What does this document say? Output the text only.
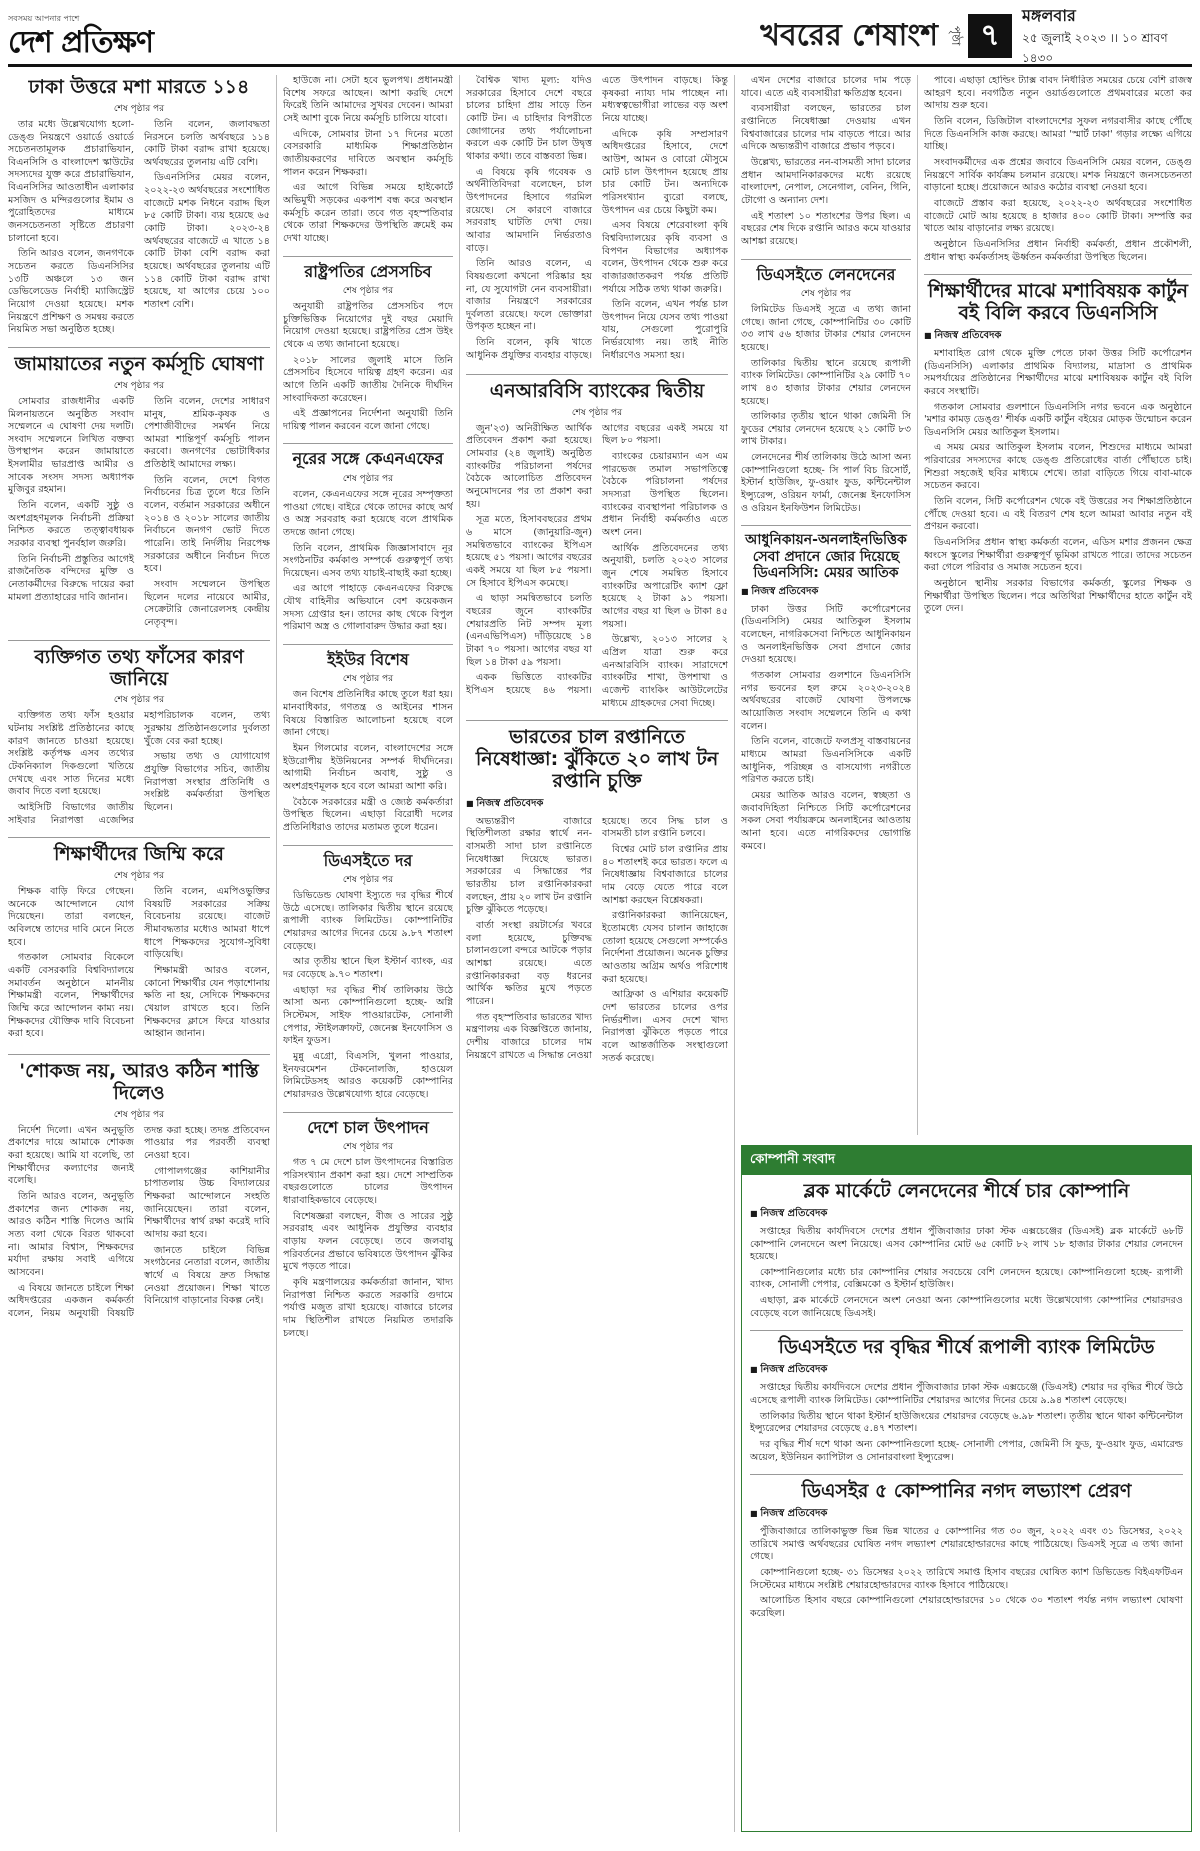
সবসময় আপনার পাশে
দেশ প্রতিক্ষণ	খবরের শেষাংশ পৃষ্ঠা ৭
মঙ্গলবার
২৫ জুলাই ২০২৩ ।। ১০ শ্রাবণ ১৪৩০
ঢাকা উত্তরে মশা মারতে ১১৪
শেষ পৃষ্ঠার পর

তার মধ্যে উল্লেখযোগ্য হলো-ডেঙ্গু নিয়ন্ত্রণে ওয়ার্ডে ওয়ার্ডে সচেতনতামূলক প্রচারাভিযান, বিএনসিসি ও বাংলাদেশ স্কাউটের সদস্যদের যুক্ত করে প্রচারাভিযান, বিএনসিসির আওতাধীন এলাকার মসজিদ ও মন্দিরগুলোর ইমাম ও পুরোহিতদের মাধ্যমে জনসচেতনতা সৃষ্টিতে প্রচারণা চালানো হবে।

তিনি আরও বলেন, জনগণকে সচেতন করতে ডিএনসিসির ১৩টি অঞ্চলে ১৩ জন ডেভিলেডেড নির্বাহী ম্যাজিস্ট্রেট নিয়োগ দেওয়া হয়েছে। মশক নিয়ন্ত্রণে প্রশিক্ষণ ও সমন্বয় করতে নিয়মিত সভা অনুষ্ঠিত হচ্ছে।

তিনি বলেন, জলাবদ্ধতা নিরসনে চলতি অর্থবছরে ১১৪ কোটি টাকা বরাদ্দ রাখা হয়েছে। অর্থবছরের তুলনায় এটি বেশি।

ডিএনসিসির মেয়র বলেন, ২০২২-২৩ অর্থবছরের সংশোধিত বাজেটে মশক নিধনে বরাদ্দ ছিল ৮৫ কোটি টাকা। ব্যয় হয়েছে ৬৫ কোটি টাকা। ২০২৩-২৪ অর্থবছরের বাজেটে এ খাতে ১৪ কোটি টাকা বেশি বরাদ্দ করা হয়েছে। অর্থবছরের তুলনায় এটি ১১৪ কোটি টাকা বরাদ্দ রাখা হয়েছে, যা আগের চেয়ে ১০০ শতাংশ বেশি।

জামায়াতের নতুন কর্মসূচি ঘোষণা
শেষ পৃষ্ঠার পর

সোমবার রাজধানীর একটি মিলনায়তনে অনুষ্ঠিত সংবাদ সম্মেলনে এ ঘোষণা দেয় দলটি। সংবাদ সম্মেলনে লিখিত বক্তব্য উপস্থাপন করেন জামায়াতে ইসলামীর ভারপ্রাপ্ত আমীর ও সাবেক সংসদ সদস্য অধ্যাপক মুজিবুর রহমান।

তিনি বলেন, একটি সুষ্ঠু ও অংশগ্রহণমূলক নির্বাচনী প্রক্রিয়া নিশ্চিত করতে তত্ত্বাবধায়ক সরকার ব্যবস্থা পুনর্বহাল জরুরি।

তিনি নির্বাচনী প্রস্তুতির আগেই রাজনৈতিক বন্দিদের মুক্তি ও নেতাকর্মীদের বিরুদ্ধে দায়ের করা মামলা প্রত্যাহারের দাবি জানান।

তিনি বলেন, দেশের সাধারণ মানুষ, শ্রমিক-কৃষক ও পেশাজীবীদের সমর্থন নিয়ে আমরা শান্তিপূর্ণ কর্মসূচি পালন করবো। জনগণের ভোটাধিকার প্রতিষ্ঠাই আমাদের লক্ষ্য।

তিনি বলেন, দেশে বিগত নির্বাচনের চিত্র তুলে ধরে তিনি বলেন, বর্তমান সরকারের অধীনে ২০১৪ ও ২০১৮ সালের জাতীয় নির্বাচনে জনগণ ভোট দিতে পারেনি। তাই নির্দলীয় নিরপেক্ষ সরকারের অধীনে নির্বাচন দিতে হবে।

সংবাদ সম্মেলনে উপস্থিত ছিলেন দলের নায়েবে আমীর, সেক্রেটারি জেনারেলসহ কেন্দ্রীয় নেতৃবৃন্দ।

ব্যক্তিগত তথ্য ফাঁসের কারণ জানিয়ে
শেষ পৃষ্ঠার পর

ব্যক্তিগত তথ্য ফাঁস হওয়ার ঘটনায় সংশ্লিষ্ট প্রতিষ্ঠানের কাছে কারণ জানতে চাওয়া হয়েছে। সংশ্লিষ্ট কর্তৃপক্ষ এসব তথ্যের টেকনিক্যাল দিকগুলো খতিয়ে দেখছে এবং সাত দিনের মধ্যে জবাব দিতে বলা হয়েছে।

আইসিটি বিভাগের জাতীয় সাইবার নিরাপত্তা এজেন্সির মহাপরিচালক বলেন, তথ্য সুরক্ষায় প্রতিষ্ঠানগুলোর দুর্বলতা খুঁজে বের করা হচ্ছে।

সভায় তথ্য ও যোগাযোগ প্রযুক্তি বিভাগের সচিব, জাতীয় নিরাপত্তা সংস্থার প্রতিনিধি ও সংশ্লিষ্ট কর্মকর্তারা উপস্থিত ছিলেন।

শিক্ষার্থীদের জিম্মি করে
শেষ পৃষ্ঠার পর

শিক্ষক বাড়ি ফিরে গেছেন। অনেকে আন্দোলনে যোগ দিয়েছেন। তারা বলছেন, অবিলম্বে তাদের দাবি মেনে নিতে হবে।

গতকাল সোমবার বিকেলে একটি বেসরকারি বিশ্ববিদ্যালয়ে সমাবর্তন অনুষ্ঠানে মাননীয় শিক্ষামন্ত্রী বলেন, শিক্ষার্থীদের জিম্মি করে আন্দোলন কাম্য নয়। শিক্ষকদের যৌক্তিক দাবি বিবেচনা করা হবে।

তিনি বলেন, এমপিওভুক্তির বিষয়টি সরকারের সক্রিয় বিবেচনায় রয়েছে। বাজেট সীমাবদ্ধতার মধ্যেও আমরা ধাপে ধাপে শিক্ষকদের সুযোগ-সুবিধা বাড়িয়েছি।

শিক্ষামন্ত্রী আরও বলেন, কোনো শিক্ষার্থীর যেন পড়াশোনায় ক্ষতি না হয়, সেদিকে শিক্ষকদের খেয়াল রাখতে হবে। তিনি শিক্ষকদের ক্লাসে ফিরে যাওয়ার আহ্বান জানান।

'শোকজ নয়, আরও কঠিন শাস্তি দিলেও
শেষ পৃষ্ঠার পর

নির্দেশ দিলো। এখন অনুভূতি প্রকাশের দায়ে আমাকে শোকজ করা হয়েছে। আমি যা বলেছি, তা শিক্ষার্থীদের কল্যাণের জন্যই বলেছি।

তিনি আরও বলেন, অনুভূতি প্রকাশের জন্য শোকজ নয়, আরও কঠিন শাস্তি দিলেও আমি সত্য বলা থেকে বিরত থাকবো না। আমার বিশ্বাস, শিক্ষকদের মর্যাদা রক্ষায় সবাই এগিয়ে আসবেন।

এ বিষয়ে জানতে চাইলে শিক্ষা অধিদপ্তরের একজন কর্মকর্তা বলেন, নিয়ম অনুযায়ী বিষয়টি তদন্ত করা হচ্ছে। তদন্ত প্রতিবেদন পাওয়ার পর পরবর্তী ব্যবস্থা নেওয়া হবে।

গোপালগঞ্জের কাশিয়ানীর চাপাতলায় উচ্চ বিদ্যালয়ের শিক্ষকরা আন্দোলনে সংহতি জানিয়েছেন। তারা বলেন, শিক্ষার্থীদের স্বার্থ রক্ষা করেই দাবি আদায় করা হবে।

জানতে চাইলে বিভিন্ন সংগঠনের নেতারা বলেন, জাতীয় স্বার্থে এ বিষয়ে দ্রুত সিদ্ধান্ত নেওয়া প্রয়োজন। শিক্ষা খাতে বিনিয়োগ বাড়ানোর বিকল্প নেই।

হাউজে না। সেটা হবে ভুলপথ। প্রধানমন্ত্রী বিশেষ সফরে আছেন। আশা করছি দেশে ফিরেই তিনি আমাদের সুখবর দেবেন। আমরা সেই আশা বুকে নিয়ে কর্মসূচি চালিয়ে যাবো।

এদিকে, সোমবার টানা ১৭ দিনের মতো বেসরকারি মাধ্যমিক শিক্ষাপ্রতিষ্ঠান জাতীয়করণের দাবিতে অবস্থান কর্মসূচি পালন করেন শিক্ষকরা।

এর আগে বিভিন্ন সময়ে হাইকোর্টে অভিমুখী সড়কের একপাশ বন্ধ করে অবস্থান কর্মসূচি করেন তারা। তবে গত বৃহস্পতিবার থেকে তারা শিক্ষকদের উপস্থিতি ক্রমেই কম দেখা যাচ্ছে।

রাষ্ট্রপতির প্রেসসচিব
শেষ পৃষ্ঠার পর

অনুযায়ী রাষ্ট্রপতির প্রেসসচিব পদে চুক্তিভিত্তিক নিয়োগের দুই বছর মেয়াদি নিয়োগ দেওয়া হয়েছে। রাষ্ট্রপতির প্রেস উইং থেকে এ তথ্য জানানো হয়েছে।

২০১৮ সালের জুলাই মাসে তিনি প্রেসসচিব হিসেবে দায়িত্ব গ্রহণ করেন। এর আগে তিনি একটি জাতীয় দৈনিকে দীর্ঘদিন সাংবাদিকতা করেছেন।

এই প্রজ্ঞাপনের নির্দেশনা অনুযায়ী তিনি দায়িত্ব পালন করবেন বলে জানা গেছে।

নূরের সঙ্গে কেএনএফের
শেষ পৃষ্ঠার পর

বলেন, কেএনএফের সঙ্গে নূরের সম্পৃক্ততা পাওয়া গেছে। বাইরে থেকে তাদের কাছে অর্থ ও অস্ত্র সরবরাহ করা হয়েছে বলে প্রাথমিক তদন্তে জানা গেছে।

তিনি বলেন, প্রাথমিক জিজ্ঞাসাবাদে নূর সংগঠনটির কর্মকাণ্ড সম্পর্কে গুরুত্বপূর্ণ তথ্য দিয়েছেন। এসব তথ্য যাচাই-বাছাই করা হচ্ছে।

এর আগে পাহাড়ে কেএনএফের বিরুদ্ধে যৌথ বাহিনীর অভিযানে বেশ কয়েকজন সদস্য গ্রেপ্তার হন। তাদের কাছ থেকে বিপুল পরিমাণ অস্ত্র ও গোলাবারুদ উদ্ধার করা হয়।

ইইউর বিশেষ
শেষ পৃষ্ঠার পর

জন বিশেষ প্রতিনিধির কাছে তুলে ধরা হয়। মানবাধিকার, গণতন্ত্র ও আইনের শাসন বিষয়ে বিস্তারিত আলোচনা হয়েছে বলে জানা গেছে।

ইমন গিলমোর বলেন, বাংলাদেশের সঙ্গে ইউরোপীয় ইউনিয়নের সম্পর্ক দীর্ঘদিনের। আগামী নির্বাচন অবাধ, সুষ্ঠু ও অংশগ্রহণমূলক হবে বলে আমরা আশা করি।

বৈঠকে সরকারের মন্ত্রী ও জ্যেষ্ঠ কর্মকর্তারা উপস্থিত ছিলেন। এছাড়া বিরোধী দলের প্রতিনিধিরাও তাদের মতামত তুলে ধরেন।

ডিএসইতে দর
শেষ পৃষ্ঠার পর

ডিভিডেন্ড ঘোষণা ইস্যুতে দর বৃদ্ধির শীর্ষে উঠে এসেছে। তালিকার দ্বিতীয় স্থানে রয়েছে রূপালী ব্যাংক লিমিটেড। কোম্পানিটির শেয়ারদর আগের দিনের চেয়ে ৯.৮৭ শতাংশ বেড়েছে।

আর তৃতীয় স্থানে ছিল ইস্টার্ন ব্যাংক, এর দর বেড়েছে ৯.৭০ শতাংশ।

এছাড়া দর বৃদ্ধির শীর্ষ তালিকায় উঠে আসা অন্য কোম্পানিগুলো হচ্ছে- অগ্নি সিস্টেমস, সাইফ পাওয়ারটেক, সোনালী পেপার, স্টাইলক্রাফট, জেনেক্স ইনফোসিস ও ফাইন ফুডস।

মুন্নু এগ্রো, বিএসসি, খুলনা পাওয়ার, ইনফরমেশন টেকনোলজি, হাওয়েল লিমিটেডসহ আরও কয়েকটি কোম্পানির শেয়ারদরও উল্লেখযোগ্য হারে বেড়েছে।

দেশে চাল উৎপাদন
শেষ পৃষ্ঠার পর

গত ৭ মে দেশে চাল উৎপাদনের বিস্তারিত পরিসংখ্যান প্রকাশ করা হয়। দেশে সাম্প্রতিক বছরগুলোতে চালের উৎপাদন ধারাবাহিকভাবে বেড়েছে।

বিশেষজ্ঞরা বলছেন, বীজ ও সারের সুষ্ঠু সরবরাহ এবং আধুনিক প্রযুক্তির ব্যবহার বাড়ায় ফলন বেড়েছে। তবে জলবায়ু পরিবর্তনের প্রভাবে ভবিষ্যতে উৎপাদন ঝুঁকির মুখে পড়তে পারে।

কৃষি মন্ত্রণালয়ের কর্মকর্তারা জানান, খাদ্য নিরাপত্তা নিশ্চিত করতে সরকারি গুদামে পর্যাপ্ত মজুত রাখা হয়েছে। বাজারে চালের দাম স্থিতিশীল রাখতে নিয়মিত তদারকি চলছে।

বৈশ্বিক খাদ্য মূল্য: যদিও সরকারের হিসাবে দেশে বছরে চালের চাহিদা প্রায় সাড়ে তিন কোটি টন। এ চাহিদার বিপরীতে জোগানের তথ্য পর্যালোচনা করলে এক কোটি টন চাল উদ্বৃত্ত থাকার কথা। তবে বাস্তবতা ভিন্ন।

এ বিষয়ে কৃষি গবেষক ও অর্থনীতিবিদরা বলেছেন, চাল উৎপাদনের হিসাবে গরমিল রয়েছে। সে কারণে বাজারে সরবরাহ ঘাটতি দেখা দেয়। আবার আমদানি নির্ভরতাও বাড়ে।

তিনি আরও বলেন, এ বিষয়গুলো কখনো পরিষ্কার হয় না, যে সুযোগটা নেন ব্যবসায়ীরা। বাজার নিয়ন্ত্রণে সরকারের দুর্বলতা রয়েছে। ফলে ভোক্তারা উপকৃত হচ্ছেন না।

তিনি বলেন, কৃষি খাতে আধুনিক প্রযুক্তির ব্যবহার বাড়ছে। এতে উৎপাদন বাড়ছে। কিন্তু কৃষকরা ন্যায্য দাম পাচ্ছেন না। মধ্যস্বত্বভোগীরা লাভের বড় অংশ নিয়ে যাচ্ছে।

এদিকে কৃষি সম্প্রসারণ অধিদপ্তরের হিসাবে, দেশে আউশ, আমন ও বোরো মৌসুমে মোট চাল উৎপাদন হয়েছে প্রায় চার কোটি টন। অন্যদিকে পরিসংখ্যান ব্যুরো বলছে, উৎপাদন এর চেয়ে কিছুটা কম।

এসব বিষয়ে শেরেবাংলা কৃষি বিশ্ববিদ্যালয়ের কৃষি ব্যবসা ও বিপণন বিভাগের অধ্যাপক বলেন, উৎপাদন থেকে শুরু করে বাজারজাতকরণ পর্যন্ত প্রতিটি পর্যায়ে সঠিক তথ্য থাকা জরুরি।

তিনি বলেন, এখন পর্যন্ত চাল উৎপাদন নিয়ে যেসব তথ্য পাওয়া যায়, সেগুলো পুরোপুরি নির্ভরযোগ্য নয়। তাই নীতি নির্ধারণেও সমস্যা হয়।

এনআরবিসি ব্যাংকের দ্বিতীয়
শেষ পৃষ্ঠার পর

জুন'২৩) অনিরীক্ষিত আর্থিক প্রতিবেদন প্রকাশ করা হয়েছে। সোমবার (২৪ জুলাই) অনুষ্ঠিত ব্যাংকটির পরিচালনা পর্ষদের বৈঠকে আলোচিত প্রতিবেদন অনুমোদনের পর তা প্রকাশ করা হয়।

সূত্র মতে, হিসাববছরের প্রথম ৬ মাসে (জানুয়ারি-জুন) সমন্বিতভাবে ব্যাংকের ইপিএস হয়েছে ৫১ পয়সা। আগের বছরের একই সময়ে যা ছিল ৮৫ পয়সা। সে হিসাবে ইপিএস কমেছে।

এ ছাড়া সমন্বিতভাবে চলতি বছরের জুনে ব্যাংকটির শেয়ারপ্রতি নিট সম্পদ মূল্য (এনএভিপিএস) দাঁড়িয়েছে ১৪ টাকা ৭০ পয়সা। আগের বছর যা ছিল ১৪ টাকা ৫৯ পয়সা।

একক ভিত্তিতে ব্যাংকটির ইপিএস হয়েছে ৪৬ পয়সা। আগের বছরের একই সময়ে যা ছিল ৮০ পয়সা।

ব্যাংকের চেয়ারম্যান এস এম পারভেজ তমাল সভাপতিত্বে বৈঠকে পরিচালনা পর্ষদের সদস্যরা উপস্থিত ছিলেন। ব্যাংকের ব্যবস্থাপনা পরিচালক ও প্রধান নির্বাহী কর্মকর্তাও এতে অংশ নেন।

আর্থিক প্রতিবেদনের তথ্য অনুযায়ী, চলতি ২০২৩ সালের জুন শেষে সমন্বিত হিসাবে ব্যাংকটির অপারেটিং ক্যাশ ফ্লো হয়েছে ২ টাকা ৯১ পয়সা। আগের বছর যা ছিল ৬ টাকা ৪৫ পয়সা।

উল্লেখ্য, ২০১৩ সালের ২ এপ্রিল যাত্রা শুরু করে এনআরবিসি ব্যাংক। সারাদেশে ব্যাংকটির শাখা, উপশাখা ও এজেন্ট ব্যাংকিং আউটলেটের মাধ্যমে গ্রাহকদের সেবা দিচ্ছে।

ভারতের চাল রপ্তানিতে নিষেধাজ্ঞা: ঝুঁকিতে ২০ লাখ টন রপ্তানি চুক্তি
■ নিজস্ব প্রতিবেদক

অভ্যন্তরীণ বাজারে স্থিতিশীলতা রক্ষার স্বার্থে নন-বাসমতী সাদা চাল রপ্তানিতে নিষেধাজ্ঞা দিয়েছে ভারত। সরকারের এ সিদ্ধান্তের পর ভারতীয় চাল রপ্তানিকারকরা বলছেন, প্রায় ২০ লাখ টন রপ্তানি চুক্তি ঝুঁকিতে পড়েছে।

বার্তা সংস্থা রয়টার্সের খবরে বলা হয়েছে, চুক্তিবদ্ধ চালানগুলো বন্দরে আটকে পড়ার আশঙ্কা রয়েছে। এতে রপ্তানিকারকরা বড় ধরনের আর্থিক ক্ষতির মুখে পড়তে পারেন।

গত বৃহস্পতিবার ভারতের খাদ্য মন্ত্রণালয় এক বিজ্ঞপ্তিতে জানায়, দেশীয় বাজারে চালের দাম নিয়ন্ত্রণে রাখতে এ সিদ্ধান্ত নেওয়া হয়েছে। তবে সিদ্ধ চাল ও বাসমতী চাল রপ্তানি চলবে।

বিশ্বের মোট চাল রপ্তানির প্রায় ৪০ শতাংশই করে ভারত। ফলে এ নিষেধাজ্ঞায় বিশ্ববাজারে চালের দাম বেড়ে যেতে পারে বলে আশঙ্কা করছেন বিশ্লেষকরা।

রপ্তানিকারকরা জানিয়েছেন, ইতোমধ্যে যেসব চালান জাহাজে তোলা হয়েছে সেগুলো সম্পর্কেও নির্দেশনা প্রয়োজন। অনেক চুক্তির আওতায় অগ্রিম অর্থও পরিশোধ করা হয়েছে।

আফ্রিকা ও এশিয়ার কয়েকটি দেশ ভারতের চালের ওপর নির্ভরশীল। এসব দেশে খাদ্য নিরাপত্তা ঝুঁকিতে পড়তে পারে বলে আন্তর্জাতিক সংস্থাগুলো সতর্ক করেছে।

এখন দেশের বাজারে চালের দাম পড়ে যাবে। এতে এই ব্যবসায়ীরা ক্ষতিগ্রস্ত হবেন।

ব্যবসায়ীরা বলছেন, ভারতের চাল রপ্তানিতে নিষেধাজ্ঞা দেওয়ায় এখন বিশ্ববাজারের চালের দাম বাড়তে পারে। আর এদিকে অভ্যন্তরীণ বাজারে প্রভাব পড়বে।

উল্লেখ্য, ভারতের নন-বাসমতী সাদা চালের প্রধান আমদানিকারকদের মধ্যে রয়েছে বাংলাদেশ, নেপাল, সেনেগাল, বেনিন, গিনি, টোগো ও অন্যান্য দেশ।

এই শতাংশ ১০ শতাংশের উপর ছিল। এ বছরের শেষ দিকে রপ্তানি আরও কমে যাওয়ার আশঙ্কা রয়েছে।

ডিএসইতে লেনদেনের
শেষ পৃষ্ঠার পর

লিমিটেড ডিএসই সূত্রে এ তথ্য জানা গেছে। জানা গেছে, কোম্পানিটির ৩০ কোটি ৩৩ লাখ ৫৬ হাজার টাকার শেয়ার লেনদেন হয়েছে।

তালিকার দ্বিতীয় স্থানে রয়েছে রূপালী ব্যাংক লিমিটেড। কোম্পানিটির ২৯ কোটি ৭০ লাখ ৪৩ হাজার টাকার শেয়ার লেনদেন হয়েছে।

তালিকার তৃতীয় স্থানে থাকা জেমিনী সি ফুডের শেয়ার লেনদেন হয়েছে ২১ কোটি ৮৩ লাখ টাকার।

লেনদেনের শীর্ষ তালিকায় উঠে আসা অন্য কোম্পানিগুলো হচ্ছে- সি পার্ল বিচ রিসোর্ট, ইস্টার্ন হাউজিং, ফু-ওয়াং ফুড, কন্টিনেন্টাল ইন্স্যুরেন্স, ওরিয়ন ফার্মা, জেনেক্স ইনফোসিস ও ওরিয়ন ইনফিউশন লিমিটেড।

আধুনিকায়ন-অনলাইনভিত্তিক সেবা প্রদানে জোর দিয়েছে ডিএনসিসি: মেয়র আতিক
■ নিজস্ব প্রতিবেদক

ঢাকা উত্তর সিটি কর্পোরেশনের (ডিএনসিসি) মেয়র আতিকুল ইসলাম বলেছেন, নাগরিকসেবা নিশ্চিতে আধুনিকায়ন ও অনলাইনভিত্তিক সেবা প্রদানে জোর দেওয়া হয়েছে।

গতকাল সোমবার গুলশানে ডিএনসিসি নগর ভবনের হল রুমে ২০২৩-২০২৪ অর্থবছরের বাজেট ঘোষণা উপলক্ষে আয়োজিত সংবাদ সম্মেলনে তিনি এ কথা বলেন।

তিনি বলেন, বাজেটে ফলপ্রসূ বাস্তবায়নের মাধ্যমে আমরা ডিএনসিসিকে একটি আধুনিক, পরিচ্ছন্ন ও বাসযোগ্য নগরীতে পরিণত করতে চাই।

মেয়র আতিক আরও বলেন, স্বচ্ছতা ও জবাবদিহিতা নিশ্চিতে সিটি কর্পোরেশনের সকল সেবা পর্যায়ক্রমে অনলাইনের আওতায় আনা হবে। এতে নাগরিকদের ভোগান্তি কমবে।

পাবে। এছাড়া হোল্ডিং ট্যাক্স বাবদ নির্ধারিত সময়ের চেয়ে বেশি রাজস্ব আহরণ হবে। নবগঠিত নতুন ওয়ার্ডগুলোতে প্রথমবারের মতো কর আদায় শুরু হবে।

তিনি বলেন, ডিজিটাল বাংলাদেশের সুফল নগরবাসীর কাছে পৌঁছে দিতে ডিএনসিসি কাজ করছে। আমরা 'স্মার্ট ঢাকা' গড়ার লক্ষ্যে এগিয়ে যাচ্ছি।

সংবাদকর্মীদের এক প্রশ্নের জবাবে ডিএনসিসি মেয়র বলেন, ডেঙ্গু নিয়ন্ত্রণে সার্বিক কার্যক্রম চলমান রয়েছে। মশক নিয়ন্ত্রণে জনসচেতনতা বাড়ানো হচ্ছে। প্রয়োজনে আরও কঠোর ব্যবস্থা নেওয়া হবে।

বাজেটে প্রস্তাব করা হয়েছে, ২০২২-২৩ অর্থবছরের সংশোধিত বাজেটে মোট আয় হয়েছে ৪ হাজার ৪০০ কোটি টাকা। সম্পত্তি কর খাতে আয় বাড়ানোর লক্ষ্য রয়েছে।

অনুষ্ঠানে ডিএনসিসির প্রধান নির্বাহী কর্মকর্তা, প্রধান প্রকৌশলী, প্রধান স্বাস্থ্য কর্মকর্তাসহ ঊর্ধ্বতন কর্মকর্তারা উপস্থিত ছিলেন।

শিক্ষার্থীদের মাঝে মশাবিষয়ক কার্টুন বই বিলি করবে ডিএনসিসি
■ নিজস্ব প্রতিবেদক

মশাবাহিত রোগ থেকে মুক্তি পেতে ঢাকা উত্তর সিটি কর্পোরেশন (ডিএনসিসি) এলাকার প্রাথমিক বিদ্যালয়, মাদ্রাসা ও প্রাথমিক সমপর্যায়ের প্রতিষ্ঠানের শিক্ষার্থীদের মাঝে মশাবিষয়ক কার্টুন বই বিলি করবে সংস্থাটি।

গতকাল সোমবার গুলশানে ডিএনসিসি নগর ভবনে এক অনুষ্ঠানে 'মশার কামড় ডেঙ্গু' শীর্ষক একটি কার্টুন বইয়ের মোড়ক উন্মোচন করেন ডিএনসিসি মেয়র আতিকুল ইসলাম।

এ সময় মেয়র আতিকুল ইসলাম বলেন, শিশুদের মাধ্যমে আমরা পরিবারের সদস্যদের কাছে ডেঙ্গু প্রতিরোধের বার্তা পৌঁছাতে চাই। শিশুরা সহজেই ছবির মাধ্যমে শেখে। তারা বাড়িতে গিয়ে বাবা-মাকে সচেতন করবে।

তিনি বলেন, সিটি কর্পোরেশন থেকে বই উত্তরের সব শিক্ষাপ্রতিষ্ঠানে পৌঁছে দেওয়া হবে। এ বই বিতরণ শেষ হলে আমরা আবার নতুন বই প্রণয়ন করবো।

ডিএনসিসির প্রধান স্বাস্থ্য কর্মকর্তা বলেন, এডিস মশার প্রজনন ক্ষেত্র ধ্বংসে স্কুলের শিক্ষার্থীরা গুরুত্বপূর্ণ ভূমিকা রাখতে পারে। তাদের সচেতন করা গেলে পরিবার ও সমাজ সচেতন হবে।

অনুষ্ঠানে স্থানীয় সরকার বিভাগের কর্মকর্তা, স্কুলের শিক্ষক ও শিক্ষার্থীরা উপস্থিত ছিলেন। পরে অতিথিরা শিক্ষার্থীদের হাতে কার্টুন বই তুলে দেন।

কোম্পানী সংবাদ
ব্লক মার্কেটে লেনদেনের শীর্ষে চার কোম্পানি
■ নিজস্ব প্রতিবেদক

সপ্তাহের দ্বিতীয় কার্যদিবসে দেশের প্রধান পুঁজিবাজার ঢাকা স্টক এক্সচেঞ্জের (ডিএসই) ব্লক মার্কেটে ৬৮টি কোম্পানি লেনদেনে অংশ নিয়েছে। এসব কোম্পানির মোট ৬৫ কোটি ৮২ লাখ ১৮ হাজার টাকার শেয়ার লেনদেন হয়েছে।

কোম্পানিগুলোর মধ্যে চার কোম্পানির শেয়ার সবচেয়ে বেশি লেনদেন হয়েছে। কোম্পানিগুলো হচ্ছে- রূপালী ব্যাংক, সোনালী পেপার, বেক্সিমকো ও ইস্টার্ন হাউজিং।

এছাড়া, ব্লক মার্কেটে লেনদেনে অংশ নেওয়া অন্য কোম্পানিগুলোর মধ্যে উল্লেখযোগ্য কোম্পানির শেয়ারদরও বেড়েছে বলে জানিয়েছে ডিএসই।

ডিএসইতে দর বৃদ্ধির শীর্ষে রূপালী ব্যাংক লিমিটেড
■ নিজস্ব প্রতিবেদক

সপ্তাহের দ্বিতীয় কার্যদিবসে দেশের প্রধান পুঁজিবাজার ঢাকা স্টক এক্সচেঞ্জে (ডিএসই) শেয়ার দর বৃদ্ধির শীর্ষে উঠে এসেছে রূপালী ব্যাংক লিমিটেড। কোম্পানিটির শেয়ারদর আগের দিনের চেয়ে ৯.৯৪ শতাংশ বেড়েছে।

তালিকার দ্বিতীয় স্থানে থাকা ইস্টার্ন হাউজিংয়ের শেয়ারদর বেড়েছে ৬.৯৮ শতাংশ। তৃতীয় স্থানে থাকা কন্টিনেন্টাল ইন্স্যুরেন্সের শেয়ারদর বেড়েছে ৫.৪৭ শতাংশ।

দর বৃদ্ধির শীর্ষ দশে থাকা অন্য কোম্পানিগুলো হচ্ছে- সোনালী পেপার, জেমিনী সি ফুড, ফু-ওয়াং ফুড, এমারেল্ড অয়েল, ইউনিয়ন ক্যাপিটাল ও সোনারবাংলা ইন্স্যুরেন্স।

ডিএসইর ৫ কোম্পানির নগদ লভ্যাংশ প্রেরণ
■ নিজস্ব প্রতিবেদক

পুঁজিবাজারে তালিকাভুক্ত ভিন্ন ভিন্ন খাতের ৫ কোম্পানির গত ৩০ জুন, ২০২২ এবং ৩১ ডিসেম্বর, ২০২২ তারিখে সমাপ্ত অর্থবছরের ঘোষিত নগদ লভ্যাংশ শেয়ারহোল্ডারদের কাছে পাঠিয়েছে। ডিএসই সূত্রে এ তথ্য জানা গেছে।

কোম্পানিগুলো হচ্ছে- ৩১ ডিসেম্বর ২০২২ তারিখে সমাপ্ত হিসাব বছরের ঘোষিত ক্যাশ ডিভিডেন্ড বিইএফটিএন সিস্টেমের মাধ্যমে সংশ্লিষ্ট শেয়ারহোল্ডারদের ব্যাংক হিসাবে পাঠিয়েছে।

আলোচিত হিসাব বছরে কোম্পানিগুলো শেয়ারহোল্ডারদের ১০ থেকে ৩০ শতাংশ পর্যন্ত নগদ লভ্যাংশ ঘোষণা করেছিল।
